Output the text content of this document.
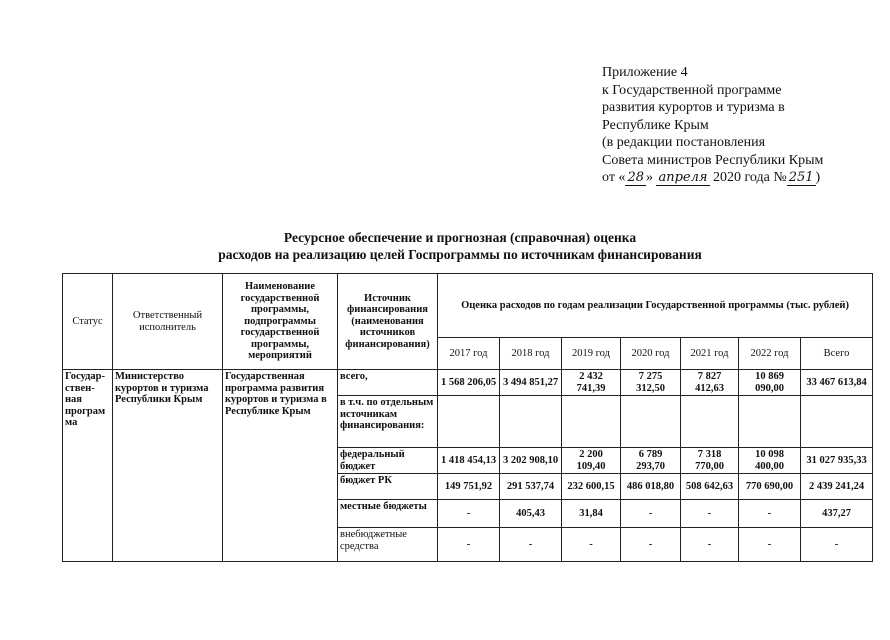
Приложение 4
к Государственной программе
развития курортов и туризма в
Республике Крым
(в редакции постановления
Совета министров Республики Крым
от « 28 » апреля 2020 года № 251 )
Ресурсное обеспечение и прогнозная (справочная) оценка
расходов на реализацию целей Госпрограммы по источникам финансирования
Статус	Ответственный исполнитель	Наименование государственной программы, подпрограммы государственной программы, мероприятий	Источник финансирования (наименования источников финансирования)	Оценка расходов по годам реализации Государственной программы (тыс. рублей)						
				2017 год	2018 год	2019 год	2020 год	2021 год	2022 год	Всего
Государ-ствен-ная програм ма	Министерство курортов и туризма Республики Крым	Государственная программа развития курортов и туризма в Республике Крым	всего,	1 568 206,05	3 494 851,27	2 432 741,39	7 275 312,50	7 827 412,63	10 869 090,00	33 467 613,84
			в т.ч. по отдельным источникам финансирования:							
			федеральный бюджет	1 418 454,13	3 202 908,10	2 200 109,40	6 789 293,70	7 318 770,00	10 098 400,00	31 027 935,33
			бюджет РК	149 751,92	291 537,74	232 600,15	486 018,80	508 642,63	770 690,00	2 439 241,24
			местные бюджеты	-	405,43	31,84	-	-	-	437,27
			внебюджетные средства	-	-	-	-	-	-	-
